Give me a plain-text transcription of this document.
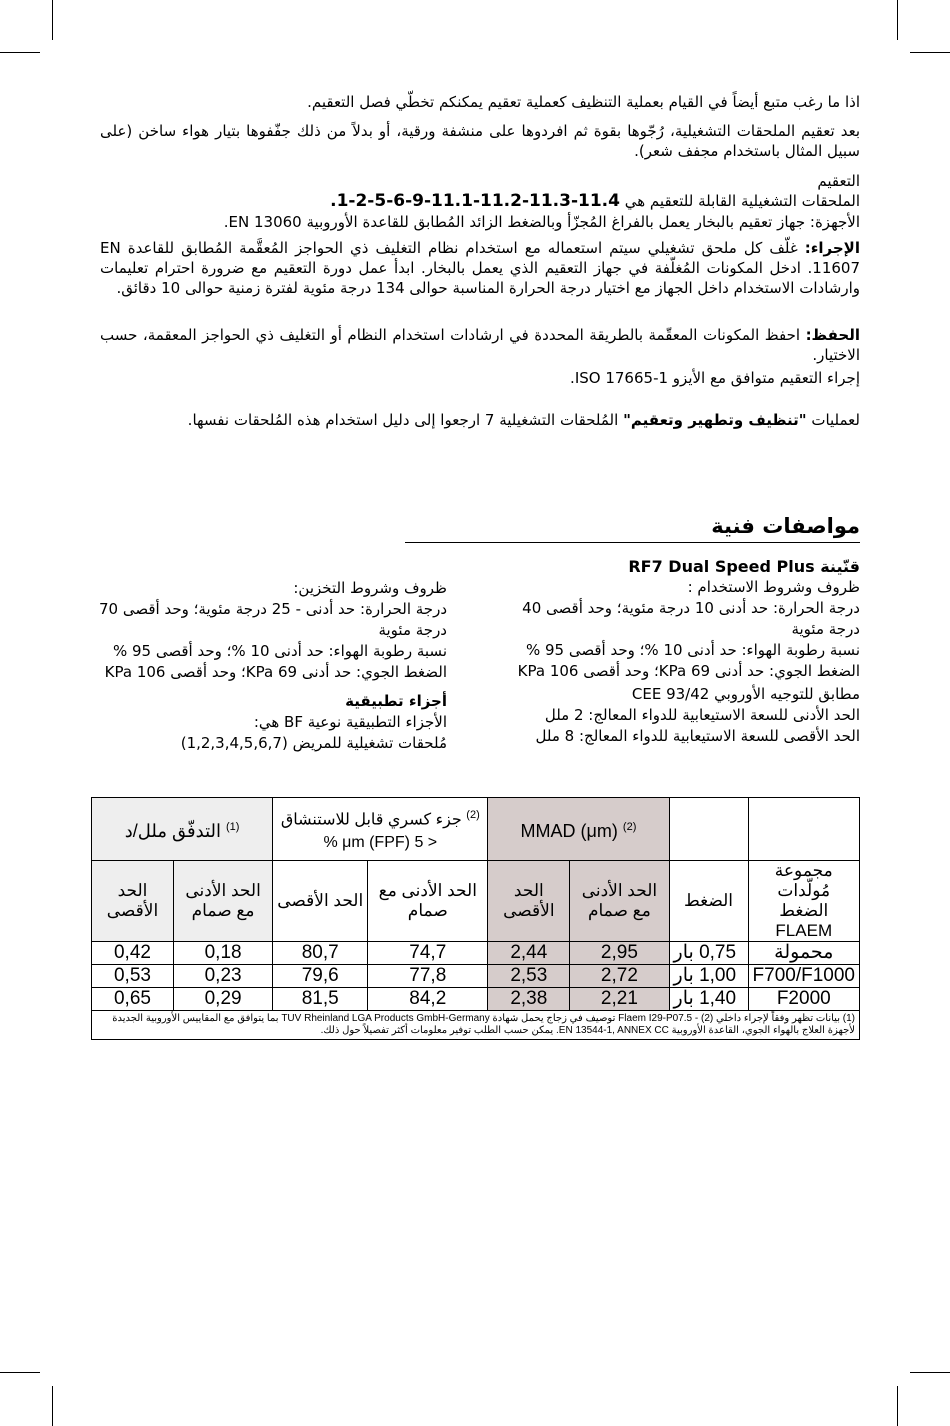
اذا ما رغب متبع أيضاً في القيام بعملية التنظيف كعملية تعقيم يمكنكم تخطّي فصل التعقيم.
بعد تعقيم الملحقات التشغيلية، رُجّوها بقوة ثم افردوها على منشفة ورقية، أو بدلاً من ذلك جفّفوها بتيار هواء ساخن (على سبيل المثال باستخدام مجفف شعر).
التعقيم
الملحقات التشغيلية القابلة للتعقيم هي .1-2-5-6-9-11.1-11.2-11.3-11.4
الأجهزة: جهاز تعقيم بالبخار يعمل بالفراغ المُجزّأ وبالضغط الزائد المُطابق للقاعدة الأوروبية EN 13060.
الإجراء: غلّف كل ملحق تشغيلي سيتم استعماله مع استخدام نظام التغليف ذي الحواجز المُعقَّمة المُطابق للقاعدة EN 11607. ادخل المكونات المُغلّفة في جهاز التعقيم الذي يعمل بالبخار. ابدأ عمل دورة التعقيم مع ضرورة احترام تعليمات وارشادات الاستخدام داخل الجهاز مع اختيار درجة الحرارة المناسبة حوالى 134 درجة مئوية لفترة زمنية حوالى 10 دقائق.
الحفظ: احفظ المكونات المعقّمة بالطريقة المحددة في ارشادات استخدام النظام أو التغليف ذي الحواجز المعقمة، حسب الاختيار.
إجراء التعقيم متوافق مع الأيزو ISO 17665-1.
لعمليات "تنظيف وتطهير وتعقيم" المُلحقات التشغيلية 7 ارجعوا إلى دليل استخدام هذه المُلحقات نفسها.
مواصفات فنية
قنّينة RF7 Dual Speed Plus
ظروف وشروط الاستخدام :
درجة الحرارة: حد أدنى 10 درجة مئوية؛ وحد أقصى 40 درجة مئوية
نسبة رطوبة الهواء: حد أدنى 10 %؛ وحد أقصى 95 %
الضغط الجوي: حد أدنى 69 KPa؛ وحد أقصى 106 KPa
مطابق للتوجيه الأوروبي CEE 93/42
الحد الأدنى للسعة الاستيعابية للدواء المعالج: 2 ملل
الحد الأقصى للسعة الاستيعابية للدواء المعالج: 8 ملل
ظروف وشروط التخزين:
درجة الحرارة: حد أدنى - 25 درجة مئوية؛ وحد أقصى 70 درجة مئوية
نسبة رطوبة الهواء: حد أدنى 10 %؛ وحد أقصى 95 %
الضغط الجوي: حد أدنى 69 KPa؛ وحد أقصى 106 KPa
أجزاء تطبيقية
الأجزاء التطبيقية نوعية BF هي:
مُلحقات تشغيلية للمريض (1,2,3,4,5,6,7)
		$^{(2)}$ MMAD (μm)		$^{(2)}$ جزء كسري قابل للاستنشاق < 5 μm (FPF) %		$^{(1)}$ التدفّق ملل/د	
مجموعة مُولّدات الضغط FLAEM	الضغط	الحد الأدنى مع صمام	الحد الأقصى	الحد الأدنى مع صمام	الحد الأقصى	الحد الأدنى مع صمام	الحد الأقصى
محمولة	0,75 بار	2,95	2,44	74,7	80,7	0,18	0,42
F700/F1000	1,00 بار	2,72	2,53	77,8	79,6	0,23	0,53
F2000	1,40 بار	2,21	2,38	84,2	81,5	0,29	0,65
(1) بيانات تظهر وفقاً لإجراء داخلي Flaem I29-P07.5 - (2) توصيف في زجاج يحمل شهادة TUV Rheinland LGA Products GmbH-Germany بما يتوافق مع المقاييس الأوروبية الجديدة لأجهزة العلاج بالهواء الجوي، القاعدة الأوروبية EN 13544-1, ANNEX CC. يمكن حسب الطلب توفير معلومات أكثر تفصيلاً حول ذلك.							
